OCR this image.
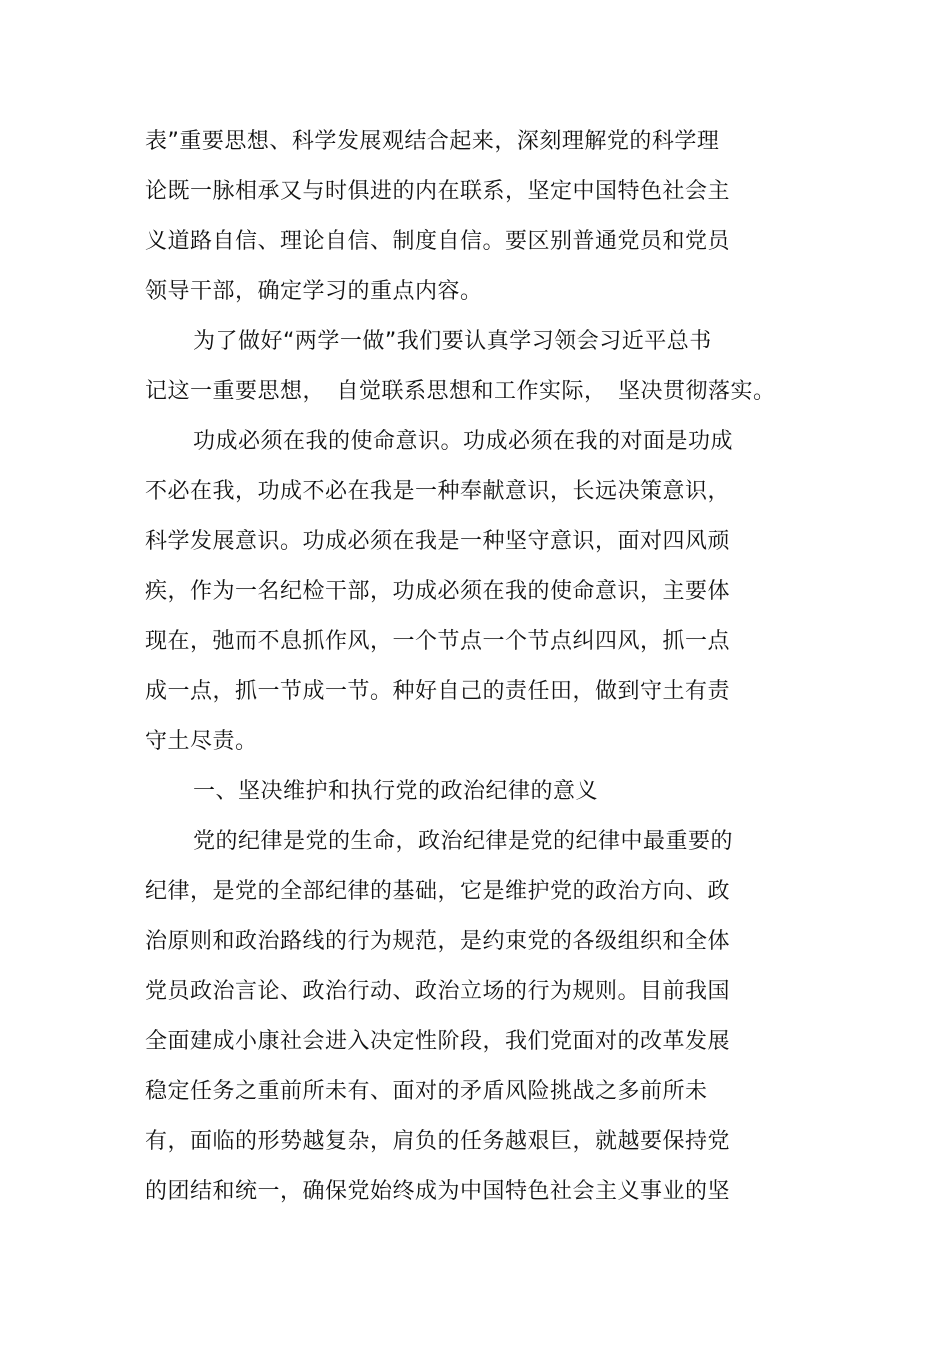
表”重要思想、科学发展观结合起来，深刻理解党的科学理
论既一脉相承又与时俱进的内在联系，坚定中国特色社会主
义道路自信、理论自信、制度自信。要区别普通党员和党员
领导干部，确定学习的重点内容。
为了做好“两学一做”我们要认真学习领会习近平总书
记这一重要思想，　自觉联系思想和工作实际，　坚决贯彻落实。
功成必须在我的使命意识。功成必须在我的对面是功成
不必在我，功成不必在我是一种奉献意识，长远决策意识，
科学发展意识。功成必须在我是一种坚守意识，面对四风顽
疾，作为一名纪检干部，功成必须在我的使命意识，主要体
现在，弛而不息抓作风，一个节点一个节点纠四风，抓一点
成一点，抓一节成一节。种好自己的责任田，做到守土有责
守土尽责。
一、坚决维护和执行党的政治纪律的意义
党的纪律是党的生命，政治纪律是党的纪律中最重要的
纪律，是党的全部纪律的基础，它是维护党的政治方向、政
治原则和政治路线的行为规范，是约束党的各级组织和全体
党员政治言论、政治行动、政治立场的行为规则。目前我国
全面建成小康社会进入决定性阶段，我们党面对的改革发展
稳定任务之重前所未有、面对的矛盾风险挑战之多前所未
有，面临的形势越复杂，肩负的任务越艰巨，就越要保持党
的团结和统一，确保党始终成为中国特色社会主义事业的坚
